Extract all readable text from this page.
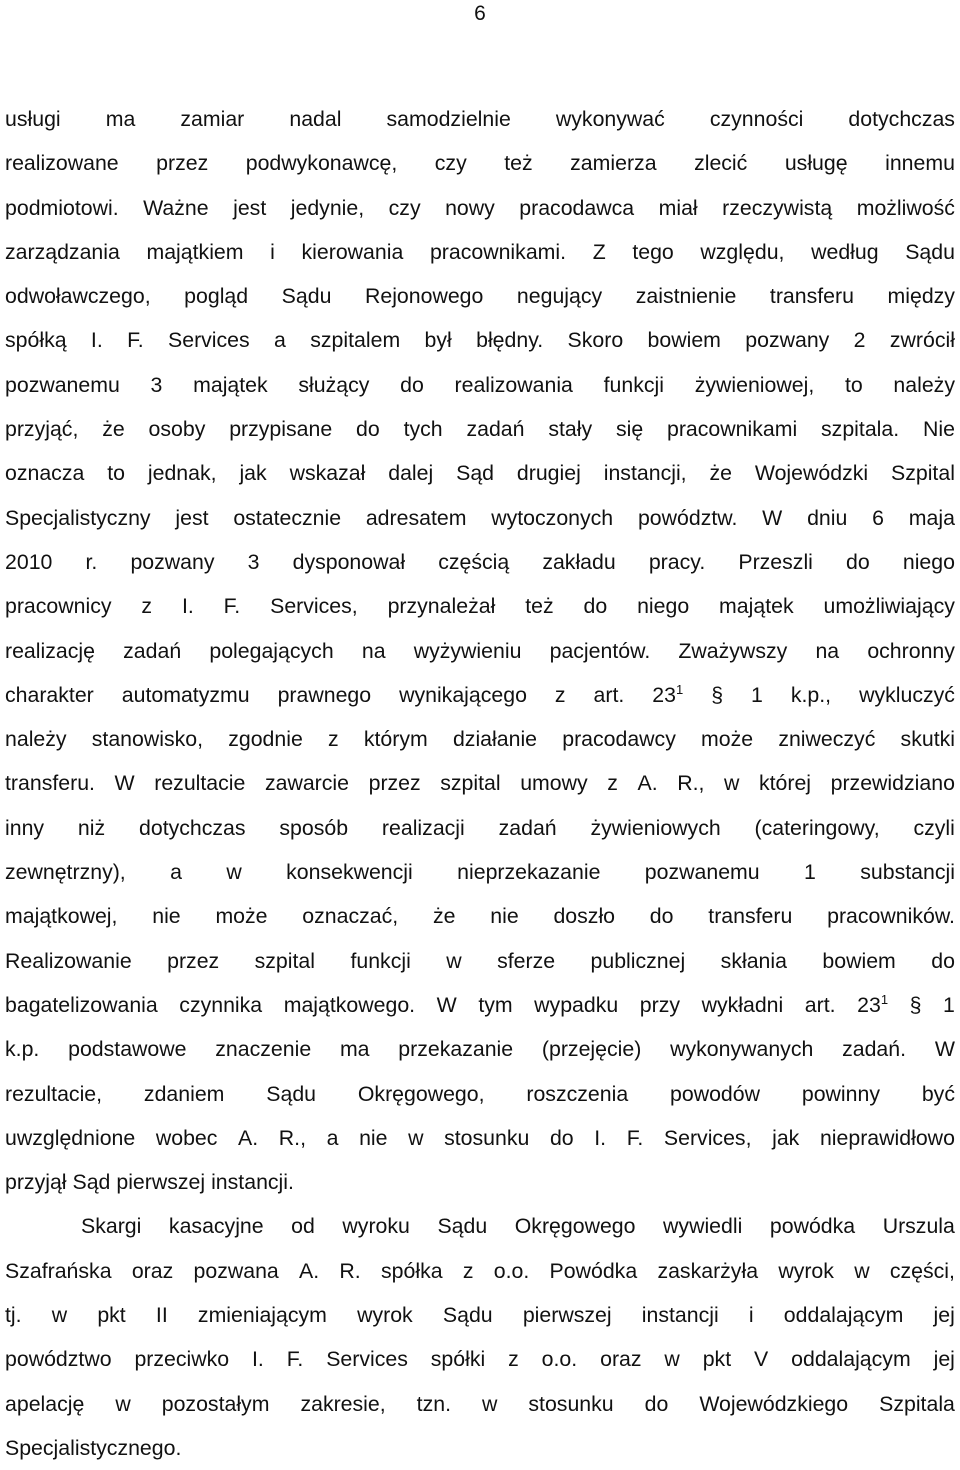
6
usługi ma zamiar nadal samodzielnie wykonywać czynności dotychczas
realizowane przez podwykonawcę, czy też zamierza zlecić usługę innemu
podmiotowi. Ważne jest jedynie, czy nowy pracodawca miał rzeczywistą możliwość
zarządzania majątkiem i kierowania pracownikami. Z tego względu, według Sądu
odwoławczego, pogląd Sądu Rejonowego negujący zaistnienie transferu między
spółką I. F. Services a szpitalem był błędny. Skoro bowiem pozwany 2 zwrócił
pozwanemu 3 majątek służący do realizowania funkcji żywieniowej, to należy
przyjąć, że osoby przypisane do tych zadań stały się pracownikami szpitala. Nie
oznacza to jednak, jak wskazał dalej Sąd drugiej instancji, że Wojewódzki Szpital
Specjalistyczny jest ostatecznie adresatem wytoczonych powództw. W dniu 6 maja
2010 r. pozwany 3 dysponował częścią zakładu pracy. Przeszli do niego
pracownicy z I. F. Services, przynależał też do niego majątek umożliwiający
realizację zadań polegających na wyżywieniu pacjentów. Zważywszy na ochronny
charakter automatyzmu prawnego wynikającego z art. $23^1$ § 1 k.p., wykluczyć
należy stanowisko, zgodnie z którym działanie pracodawcy może zniweczyć skutki
transferu. W rezultacie zawarcie przez szpital umowy z A. R., w której przewidziano
inny niż dotychczas sposób realizacji zadań żywieniowych (cateringowy, czyli
zewnętrzny), a w konsekwencji nieprzekazanie pozwanemu 1 substancji
majątkowej, nie może oznaczać, że nie doszło do transferu pracowników.
Realizowanie przez szpital funkcji w sferze publicznej skłania bowiem do
bagatelizowania czynnika majątkowego. W tym wypadku przy wykładni art. $23^1$ § 1
k.p. podstawowe znaczenie ma przekazanie (przejęcie) wykonywanych zadań. W
rezultacie, zdaniem Sądu Okręgowego, roszczenia powodów powinny być
uwzględnione wobec A. R., a nie w stosunku do I. F. Services, jak nieprawidłowo
przyjął Sąd pierwszej instancji.
Skargi kasacyjne od wyroku Sądu Okręgowego wywiedli powódka Urszula
Szafrańska oraz pozwana A. R. spółka z o.o. Powódka zaskarżyła wyrok w części,
tj. w pkt II zmieniającym wyrok Sądu pierwszej instancji i oddalającym jej
powództwo przeciwko I. F. Services spółki z o.o. oraz w pkt V oddalającym jej
apelację w pozostałym zakresie, tzn. w stosunku do Wojewódzkiego Szpitala
Specjalistycznego.
